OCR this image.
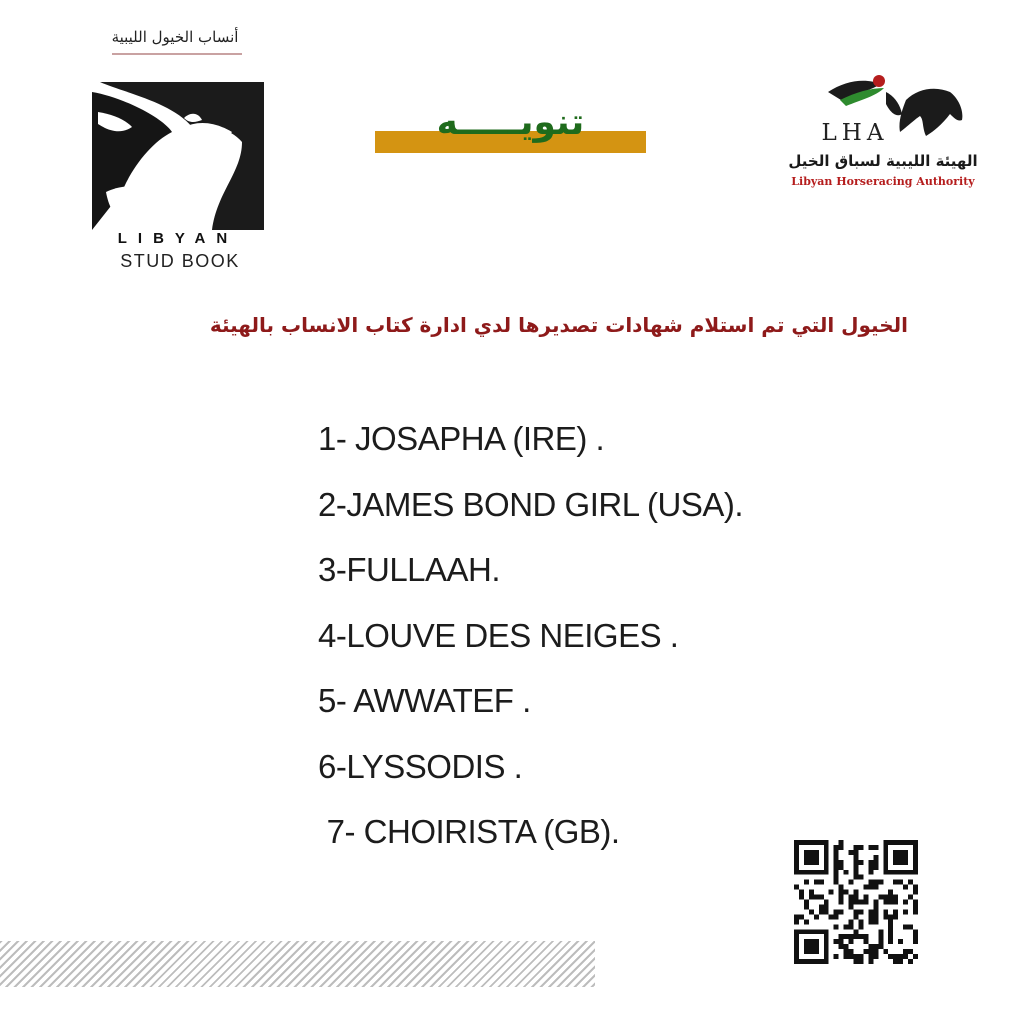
أنساب الخيول الليبية
LIBYAN
STUD BOOK
تنويـــــه	LHA
الهيئة الليبية لسباق الخيل
Libyan Horseracing Authority
الخيول التي تم استلام شهادات تصديرها لدي ادارة كتاب الانساب بالهيئة
1- JOSAPHA (IRE) .
2-JAMES BOND GIRL (USA).
3-FULLAAH.
4-LOUVE DES NEIGES .
5- AWWATEF .
6-LYSSODIS .
7- CHOIRISTA (GB).
